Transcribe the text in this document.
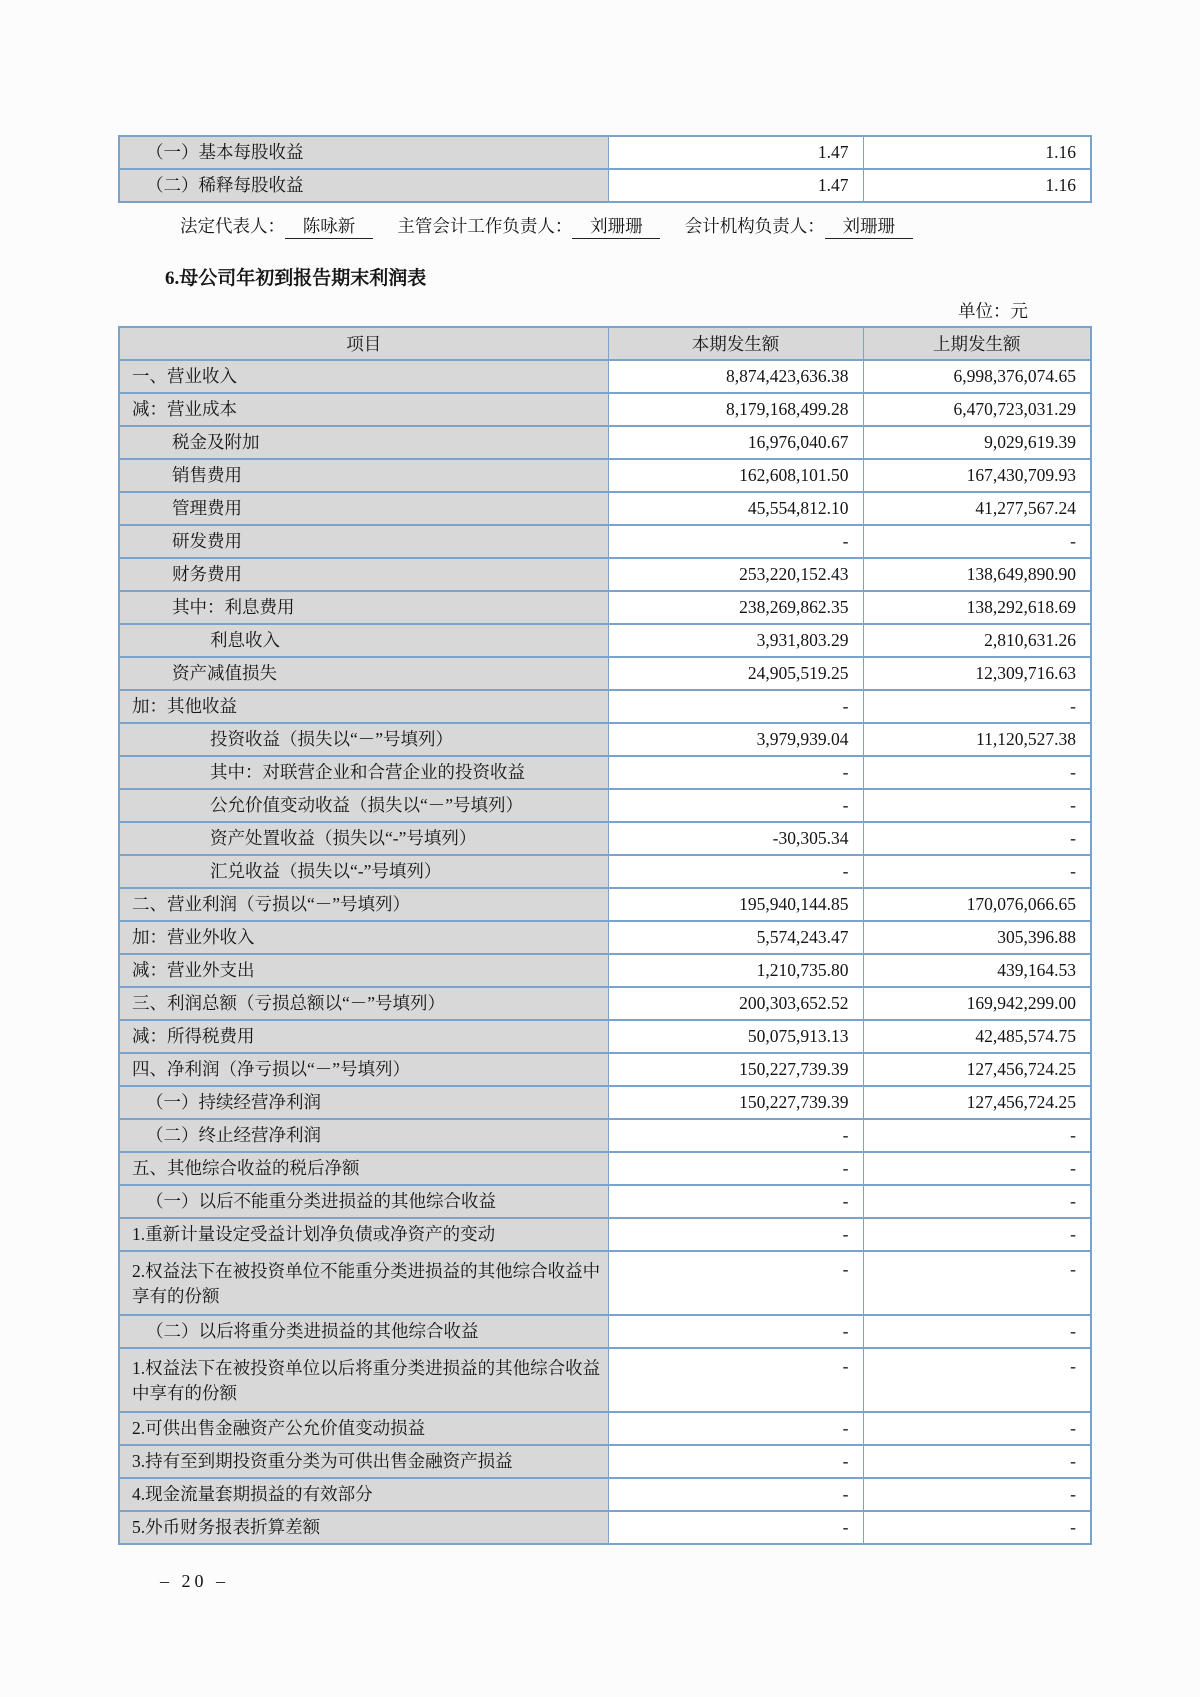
（一）基本每股收益	1.47	1.16
（二）稀释每股收益	1.47	1.16
法定代表人： 陈咏新 主管会计工作负责人： 刘珊珊 会计机构负责人： 刘珊珊
6.母公司年初到报告期末利润表
单位：元
项目	本期发生额	上期发生额
一、营业收入	8,874,423,636.38	6,998,376,074.65
减：营业成本	8,179,168,499.28	6,470,723,031.29
税金及附加	16,976,040.67	9,029,619.39
销售费用	162,608,101.50	167,430,709.93
管理费用	45,554,812.10	41,277,567.24
研发费用	-	-
财务费用	253,220,152.43	138,649,890.90
其中：利息费用	238,269,862.35	138,292,618.69
利息收入	3,931,803.29	2,810,631.26
资产减值损失	24,905,519.25	12,309,716.63
加：其他收益	-	-
投资收益（损失以“－”号填列）	3,979,939.04	11,120,527.38
其中：对联营企业和合营企业的投资收益	-	-
公允价值变动收益（损失以“－”号填列）	-	-
资产处置收益（损失以“-”号填列）	-30,305.34	-
汇兑收益（损失以“-”号填列）	-	-
二、营业利润（亏损以“－”号填列）	195,940,144.85	170,076,066.65
加：营业外收入	5,574,243.47	305,396.88
减：营业外支出	1,210,735.80	439,164.53
三、利润总额（亏损总额以“－”号填列）	200,303,652.52	169,942,299.00
减：所得税费用	50,075,913.13	42,485,574.75
四、净利润（净亏损以“－”号填列）	150,227,739.39	127,456,724.25
（一）持续经营净利润	150,227,739.39	127,456,724.25
（二）终止经营净利润	-	-
五、其他综合收益的税后净额	-	-
（一）以后不能重分类进损益的其他综合收益	-	-
1.重新计量设定受益计划净负债或净资产的变动	-	-
2.权益法下在被投资单位不能重分类进损益的其他综合收益中享有的份额	-	-
（二）以后将重分类进损益的其他综合收益	-	-
1.权益法下在被投资单位以后将重分类进损益的其他综合收益中享有的份额	-	-
2.可供出售金融资产公允价值变动损益	-	-
3.持有至到期投资重分类为可供出售金融资产损益	-	-
4.现金流量套期损益的有效部分	-	-
5.外币财务报表折算差额	-	-
– 20 –
